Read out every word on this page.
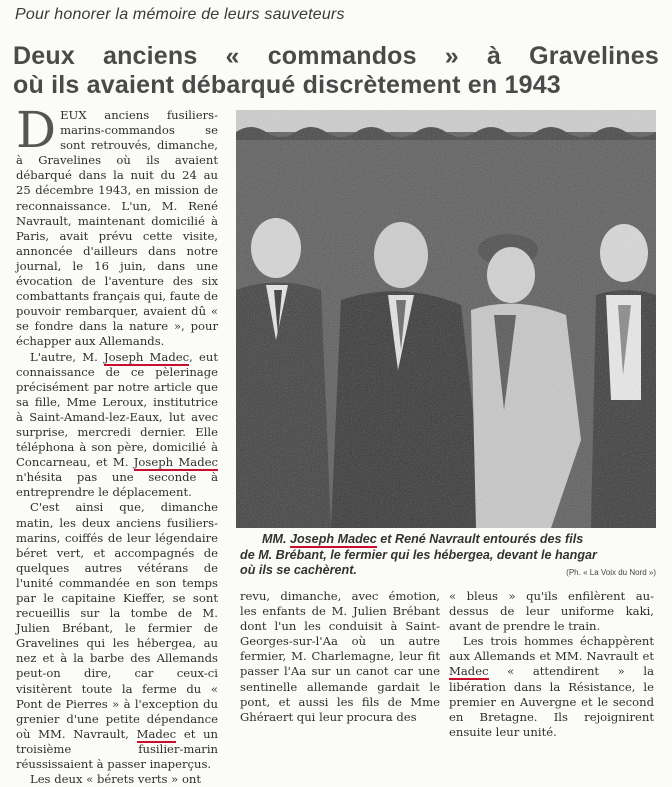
Pour honorer la mémoire de leurs sauveteurs
Deux anciens « commandos » à Gravelines
où ils avaient débarqué discrètement en 1943

DEUX anciens fusiliers-marins-commandos se sont retrouvés, dimanche, à Gravelines où ils avaient débarqué dans la nuit du 24 au 25 décembre 1943, en mission de reconnaissance. L'un, M. René Navrault, maintenant domicilié à Paris, avait prévu cette visite, annoncée d'ailleurs dans notre journal, le 16 juin, dans une évocation de l'aventure des six combattants français qui, faute de pouvoir rembarquer, avaient dû « se fondre dans la nature », pour échapper aux Allemands.

L'autre, M. Joseph Madec, eut connaissance de ce pèlerinage précisément par notre article que sa fille, Mme Leroux, institutrice à Saint-Amand-lez-Eaux, lut avec surprise, mercredi dernier. Elle téléphona à son père, domicilié à Concarneau, et M. Joseph Madec n'hésita pas une seconde à entreprendre le déplacement.

C'est ainsi que, dimanche matin, les deux anciens fusiliers-marins, coiffés de leur légendaire béret vert, et accompagnés de quelques autres vétérans de l'unité commandée en son temps par le capitaine Kieffer, se sont recueillis sur la tombe de M. Julien Brébant, le fermier de Gravelines qui les hébergea, au nez et à la barbe des Allemands peut-on dire, car ceux-ci visitèrent toute la ferme du « Pont de Pierres » à l'exception du grenier d'une petite dépendance où MM. Navrault, Madec et un troisième fusilier-marin réussissaient à passer inaperçus.

Les deux « bérets verts » ont

MM. Joseph Madec et René Navrault entourés des fils
de M. Brébant, le fermier qui les hébergea, devant le hangar
où ils se cachèrent.	(Ph. « La Voix du Nord »)

revu, dimanche, avec émotion, les enfants de M. Julien Brébant dont l'un les conduisit à Saint-Georges-sur-l'Aa où un autre fermier, M. Charlemagne, leur fit passer l'Aa sur un canot car une sentinelle allemande gardait le pont, et aussi les fils de Mme Ghéraert qui leur procura des

« bleus » qu'ils enfilèrent au-dessus de leur uniforme kaki, avant de prendre le train.

Les trois hommes échappèrent aux Allemands et MM. Navrault et Madec « attendirent » la libération dans la Résistance, le premier en Auvergne et le second en Bretagne. Ils rejoignirent ensuite leur unité.
